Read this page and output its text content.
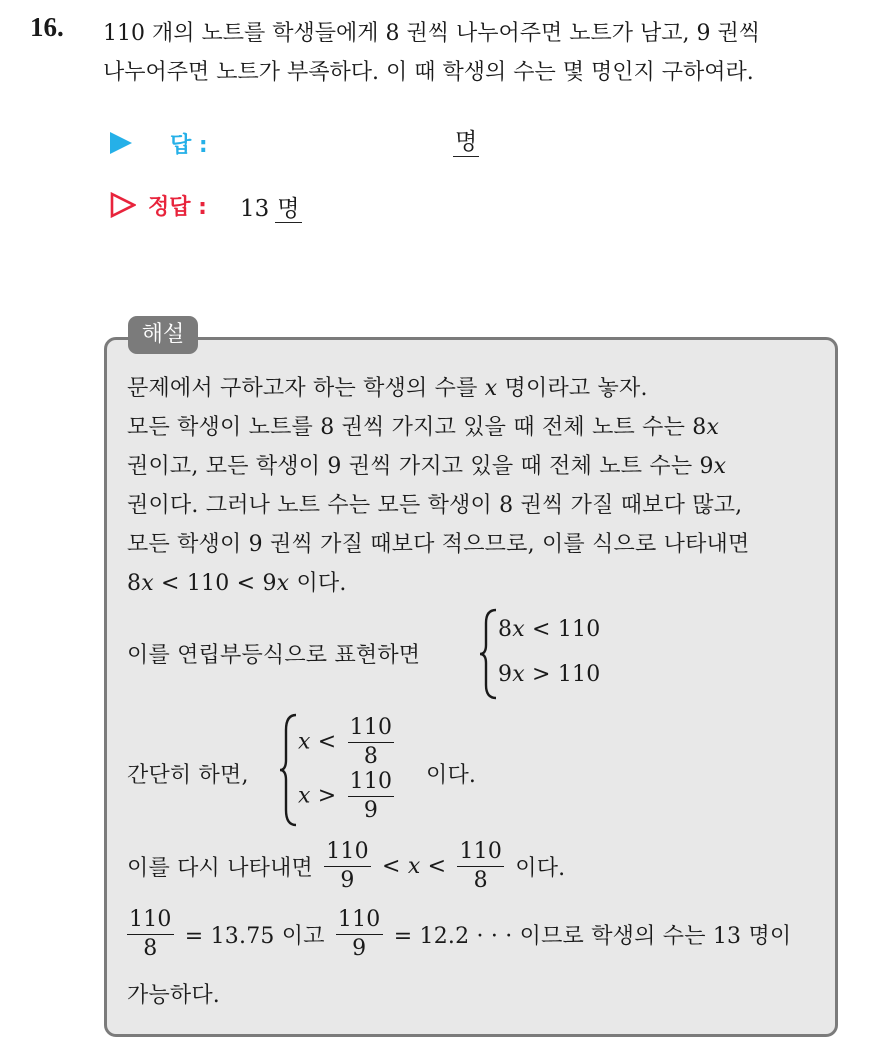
16. 110 개의 노트를 학생들에게 8 권씩 나누어주면 노트가 남고, 9 권씩
나누어주면 노트가 부족하다. 이 때 학생의 수는 몇 명인지 구하여라.
답 :	명
정답 : 13 명
해설
문제에서 구하고자 하는 학생의 수를 x 명이라고 놓자.
모든 학생이 노트를 8 권씩 가지고 있을 때 전체 노트 수는 8x
권이고, 모든 학생이 9 권씩 가지고 있을 때 전체 노트 수는 9x
권이다. 그러나 노트 수는 모든 학생이 8 권씩 가질 때보다 많고,
모든 학생이 9 권씩 가질 때보다 적으므로, 이를 식으로 나타내면
8x < 110 < 9x 이다.
이를 연립부등식으로 표현하면
8x < 110
9x > 110
간단히 하면,
$x < \frac{110}{8}$
$x > \frac{110}{9}$ 이다.
이를 다시 나타내면 $\frac{110}{9} < x < \frac{110}{8}$ 이다.
$\frac{110}{8} = 13.75$ 이고 $\frac{110}{9} = 12.2$ · · · 이므로 학생의 수는 13 명이
가능하다.
